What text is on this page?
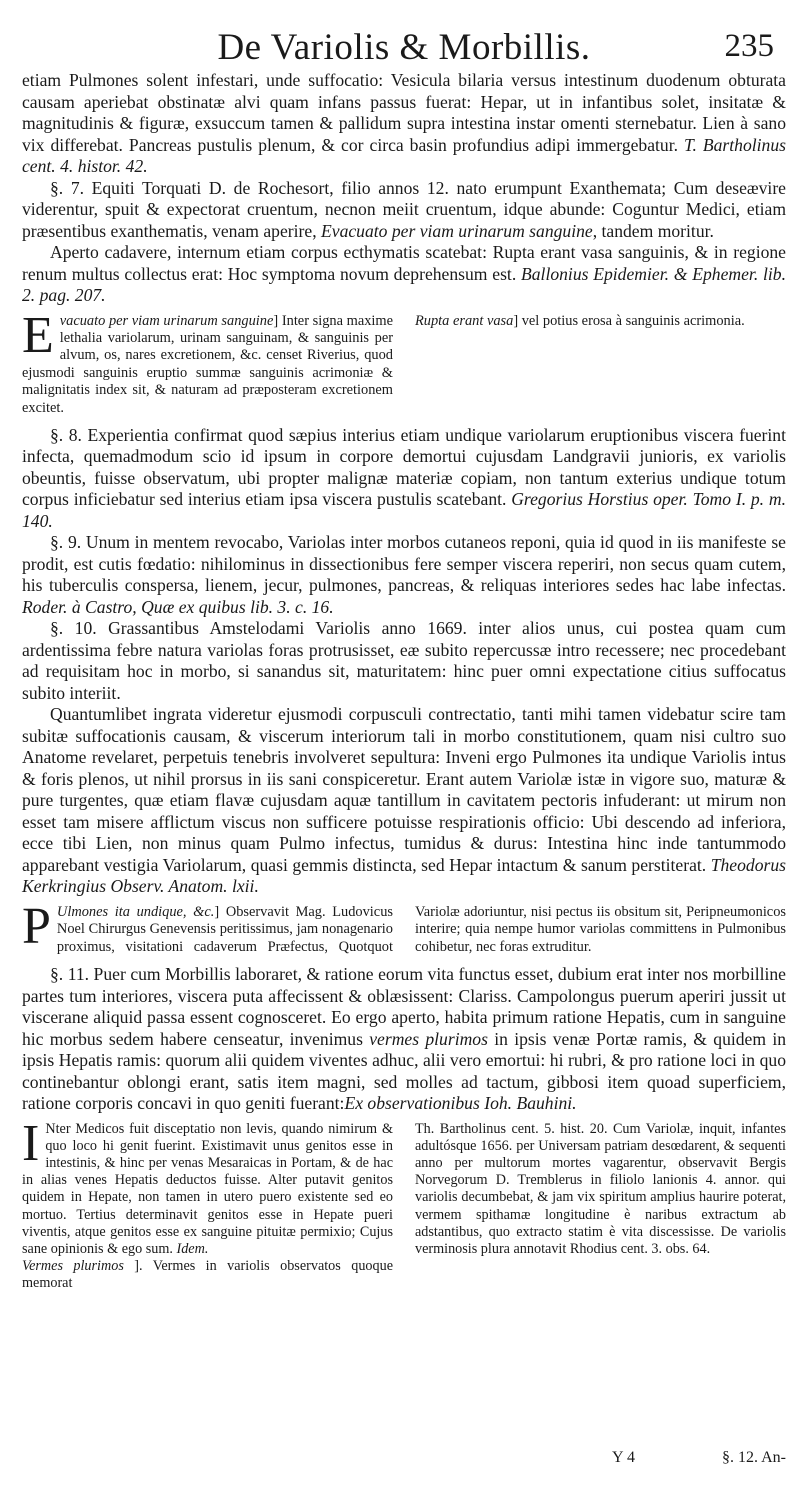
De Variolis & Morbillis.	235

etiam Pulmones solent infestari, unde suffocatio: Vesicula bilaria versus intestinum duodenum obturata causam aperiebat obstinatæ alvi quam infans passus fuerat: Hepar, ut in infantibus solet, insitatæ & magnitudinis & figuræ, exsuccum tamen & pallidum supra intestina instar omenti sternebatur. Lien à sano vix differebat. Pancreas pustulis plenum, & cor circa basin profundius adipi immergebatur. T. Bartholinus cent. 4. histor. 42.

§. 7. Equiti Torquati D. de Rochesort, filio annos 12. nato erumpunt Exanthemata; Cum deseævire viderentur, spuit & expectorat cruentum, necnon meiit cruentum, idque abunde: Coguntur Medici, etiam præsentibus exanthematis, venam aperire, Evacuato per viam urinarum sanguine, tandem moritur.

Aperto cadavere, internum etiam corpus ecthymatis scatebat: Rupta erant vasa sanguinis, & in regione renum multus collectus erat: Hoc symptoma novum deprehensum est. Ballonius Epidemier. & Ephemer. lib. 2. pag. 207.

Evacuato per viam urinarum sanguine] Inter signa maxime lethalia variolarum, urinam sanguinam, & sanguinis per alvum, os, nares excretionem, &c. censet Riverius, quod ejusmodi sanguinis eruptio summæ sanguinis acrimoniæ & malignitatis index sit, & naturam ad præposteram excretionem excitet.

Rupta erant vasa] vel potius erosa à sanguinis acrimonia.

§. 8. Experientia confirmat quod sæpius interius etiam undique variolarum eruptionibus viscera fuerint infecta, quemadmodum scio id ipsum in corpore demortui cujusdam Landgravii junioris, ex variolis obeuntis, fuisse observatum, ubi propter malignæ materiæ copiam, non tantum exterius undique totum corpus inficiebatur sed interius etiam ipsa viscera pustulis scatebant. Gregorius Horstius oper. Tomo I. p. m. 140.

§. 9. Unum in mentem revocabo, Variolas inter morbos cutaneos reponi, quia id quod in iis manifeste se prodit, est cutis fœdatio: nihilominus in dissectionibus fere semper viscera reperiri, non secus quam cutem, his tuberculis conspersa, lienem, jecur, pulmones, pancreas, & reliquas interiores sedes hac labe infectas. Roder. à Castro, Quæ ex quibus lib. 3. c. 16.

§. 10. Grassantibus Amstelodami Variolis anno 1669. inter alios unus, cui postea quam cum ardentissima febre natura variolas foras protrusisset, eæ subito repercussæ intro recessere; nec procedebant ad requisitam hoc in morbo, si sanandus sit, maturitatem: hinc puer omni expectatione citius suffocatus subito interiit.

Quantumlibet ingrata videretur ejusmodi corpusculi contrectatio, tanti mihi tamen videbatur scire tam subitæ suffocationis causam, & viscerum interiorum tali in morbo constitutionem, quam nisi cultro suo Anatome revelaret, perpetuis tenebris involveret sepultura: Inveni ergo Pulmones ita undique Variolis intus & foris plenos, ut nihil prorsus in iis sani conspiceretur. Erant autem Variolæ istæ in vigore suo, maturæ & pure turgentes, quæ etiam flavæ cujusdam aquæ tantillum in cavitatem pectoris infuderant: ut mirum non esset tam misere afflictum viscus non sufficere potuisse respirationis officio: Ubi descendo ad inferiora, ecce tibi Lien, non minus quam Pulmo infectus, tumidus & durus: Intestina hinc inde tantummodo apparebant vestigia Variolarum, quasi gemmis distincta, sed Hepar intactum & sanum perstiterat. Theodorus Kerkringius Observ. Anatom. lxii.

P Ulmones ita undique, &c.] Observavit Mag. Ludovicus Noel Chirurgus Genevensis peritissimus, jam nonagenario proximus, visitationi cadaverum Præfectus, Quotquot Variolæ adoriuntur, nisi pectus iis obsitum sit, Peripneumonicos interire; quia nempe humor variolas committens in Pulmonibus cohibetur, nec foras extruditur.

§. 11. Puer cum Morbillis laboraret, & ratione eorum vita functus esset, dubium erat inter nos morbilline partes tum interiores, viscera puta affecissent & oblæsissent: Clariss. Campolongus puerum aperiri jussit ut viscerane aliquid passa essent cognosceret. Eo ergo aperto, habita primum ratione Hepatis, cum in sanguine hic morbus sedem habere censeatur, invenimus vermes plurimos in ipsis venæ Portæ ramis, & quidem in ipsis Hepatis ramis: quorum alii quidem viventes adhuc, alii vero emortui: hi rubri, & pro ratione loci in quo continebantur oblongi erant, satis item magni, sed molles ad tactum, gibbosi item quoad superficiem, ratione corporis concavi in quo geniti fuerant:Ex observationibus Ioh. Bauhini.

I Nter Medicos fuit disceptatio non levis, quando nimirum & quo loco hi genit fuerint. Existimavit unus genitos esse in intestinis, & hinc per venas Mesaraicas in Portam, & de hac in alias venes Hepatis deductos fuisse. Alter putavit genitos quidem in Hepate, non tamen in utero puero existente sed eo mortuo. Tertius determinavit genitos esse in Hepate pueri viventis, atque genitos esse ex sanguine pituitæ permixio; Cujus sane opinionis & ego sum. Idem.

Vermes plurimos ]. Vermes in variolis observatos quoque memorat

Th. Bartholinus cent. 5. hist. 20. Cum Variolæ, inquit, infantes adultósque 1656. per Universam patriam desœdarent, & sequenti anno per multorum mortes vagarentur, observavit Bergis Norvegorum D. Tremblerus in filiolo lanionis 4. annor. qui variolis decumbebat, & jam vix spiritum amplius haurire poterat, vermem spithamæ longitudine è naribus extractum ab adstantibus, quo extracto statim è vita discessisse. De variolis verminosis plura annotavit Rhodius cent. 3. obs. 64.

Y 4	§. 12. An-
